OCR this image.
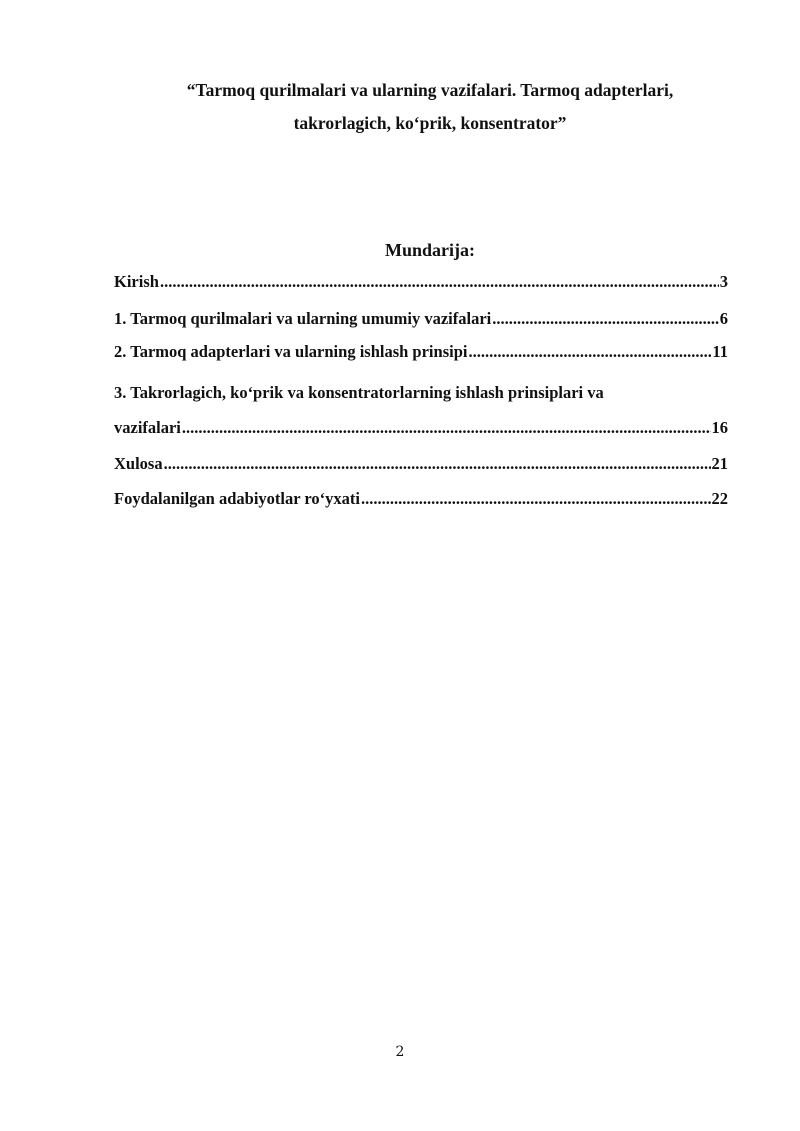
“Tarmoq qurilmalari va ularning vazifalari. Tarmoq adapterlari,
takrorlagich, ko‘prik, konsentrator”
Mundarija:
Kirish .....	3
1. Tarmoq qurilmalari va ularning umumiy vazifalari .....	6
2. Tarmoq adapterlari va ularning ishlash prinsipi .....	11
3. Takrorlagich, ko‘prik va konsentratorlarning ishlash prinsiplari va
vazifalari .....	16
Xulosa .....	21
Foydalanilgan adabiyotlar ro‘yxati .....	22
2
